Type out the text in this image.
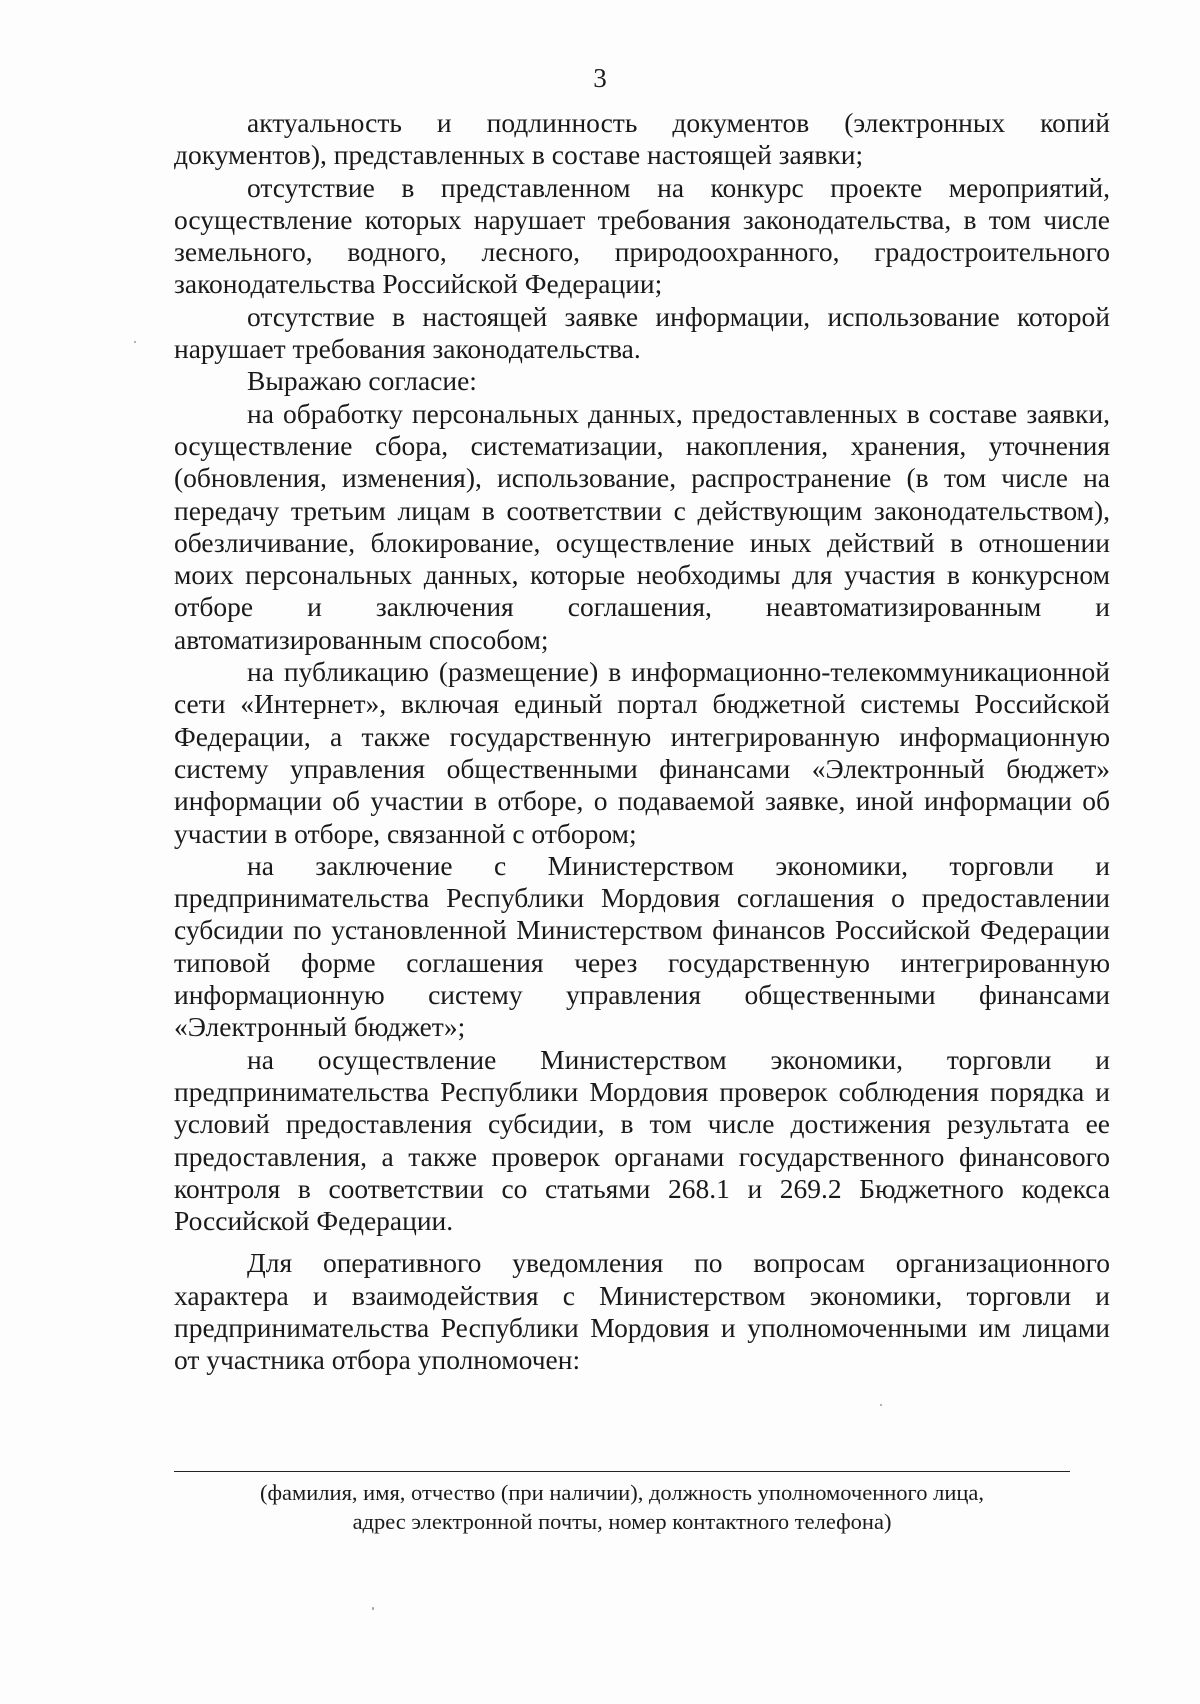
3

актуальность и подлинность документов (электронных копий документов), представленных в составе настоящей заявки;

отсутствие в представленном на конкурс проекте мероприятий, осуществление которых нарушает требования законодательства, в том числе земельного, водного, лесного, природоохранного, градостроительного законодательства Российской Федерации;

отсутствие в настоящей заявке информации, использование которой нарушает требования законодательства.

Выражаю согласие:

на обработку персональных данных, предоставленных в составе заявки, осуществление сбора, систематизации, накопления, хранения, уточнения (обновления, изменения), использование, распространение (в том числе на передачу третьим лицам в соответствии с действующим законодательством), обезличивание, блокирование, осуществление иных действий в отношении моих персональных данных, которые необходимы для участия в конкурсном отборе и заключения соглашения, неавтоматизированным и автоматизированным способом;

на публикацию (размещение) в информационно-телекоммуникационной сети «Интернет», включая единый портал бюджетной системы Российской Федерации, а также государственную интегрированную информационную систему управления общественными финансами «Электронный бюджет» информации об участии в отборе, о подаваемой заявке, иной информации об участии в отборе, связанной с отбором;

на заключение с Министерством экономики, торговли и предпринимательства Республики Мордовия соглашения о предоставлении субсидии по установленной Министерством финансов Российской Федерации типовой форме соглашения через государственную интегрированную информационную систему управления общественными финансами «Электронный бюджет»;

на осуществление Министерством экономики, торговли и предпринимательства Республики Мордовия проверок соблюдения порядка и условий предоставления субсидии, в том числе достижения результата ее предоставления, а также проверок органами государственного финансового контроля в соответствии со статьями 268.1 и 269.2 Бюджетного кодекса Российской Федерации.

Для оперативного уведомления по вопросам организационного характера и взаимодействия с Министерством экономики, торговли и предпринимательства Республики Мордовия и уполномоченными им лицами от участника отбора уполномочен:

(фамилия, имя, отчество (при наличии), должность уполномоченного лица,
адрес электронной почты, номер контактного телефона)
